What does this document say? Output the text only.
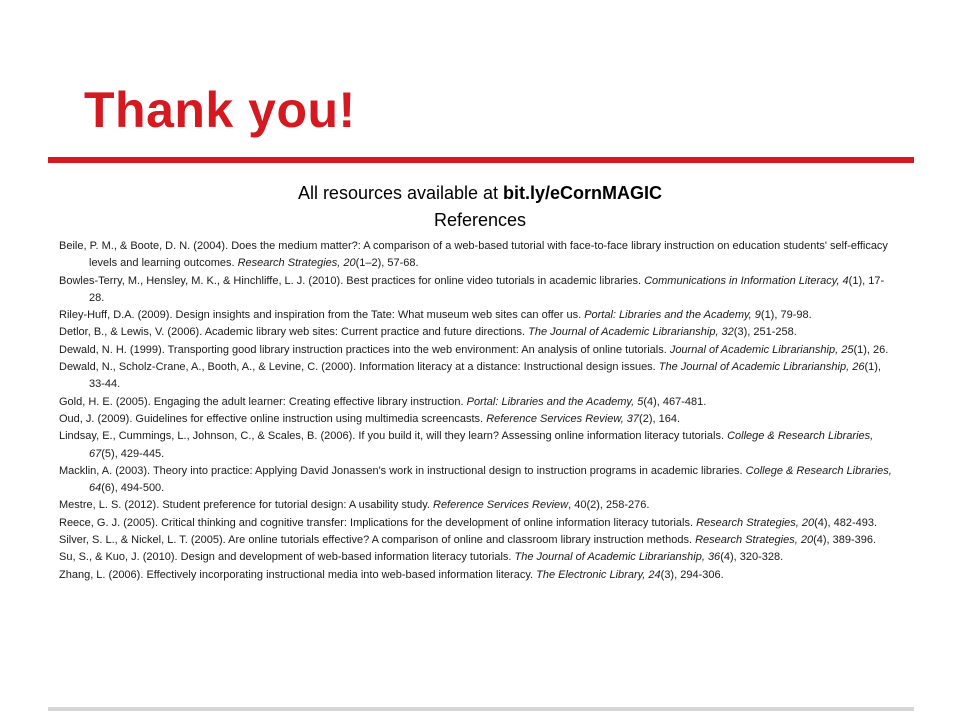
Thank you!
All resources available at bit.ly/eCornMAGIC
References
Beile, P. M., & Boote, D. N. (2004). Does the medium matter?: A comparison of a web-based tutorial with face-to-face library instruction on education students' self-efficacy levels and learning outcomes. Research Strategies, 20(1–2), 57-68.
Bowles-Terry, M., Hensley, M. K., & Hinchliffe, L. J. (2010). Best practices for online video tutorials in academic libraries. Communications in Information Literacy, 4(1), 17-28.
Riley-Huff, D.A. (2009). Design insights and inspiration from the Tate: What museum web sites can offer us. Portal: Libraries and the Academy, 9(1), 79-98.
Detlor, B., & Lewis, V. (2006). Academic library web sites: Current practice and future directions. The Journal of Academic Librarianship, 32(3), 251-258.
Dewald, N. H. (1999). Transporting good library instruction practices into the web environment: An analysis of online tutorials. Journal of Academic Librarianship, 25(1), 26.
Dewald, N., Scholz-Crane, A., Booth, A., & Levine, C. (2000). Information literacy at a distance: Instructional design issues. The Journal of Academic Librarianship, 26(1), 33-44.
Gold, H. E. (2005). Engaging the adult learner: Creating effective library instruction. Portal: Libraries and the Academy, 5(4), 467-481.
Oud, J. (2009). Guidelines for effective online instruction using multimedia screencasts. Reference Services Review, 37(2), 164.
Lindsay, E., Cummings, L., Johnson, C., & Scales, B. (2006). If you build it, will they learn? Assessing online information literacy tutorials. College & Research Libraries, 67(5), 429-445.
Macklin, A. (2003). Theory into practice: Applying David Jonassen's work in instructional design to instruction programs in academic libraries. College & Research Libraries, 64(6), 494-500.
Mestre, L. S. (2012). Student preference for tutorial design: A usability study. Reference Services Review, 40(2), 258-276.
Reece, G. J. (2005). Critical thinking and cognitive transfer: Implications for the development of online information literacy tutorials. Research Strategies, 20(4), 482-493.
Silver, S. L., & Nickel, L. T. (2005). Are online tutorials effective? A comparison of online and classroom library instruction methods. Research Strategies, 20(4), 389-396.
Su, S., & Kuo, J. (2010). Design and development of web-based information literacy tutorials. The Journal of Academic Librarianship, 36(4), 320-328.
Zhang, L. (2006). Effectively incorporating instructional media into web-based information literacy. The Electronic Library, 24(3), 294-306.
